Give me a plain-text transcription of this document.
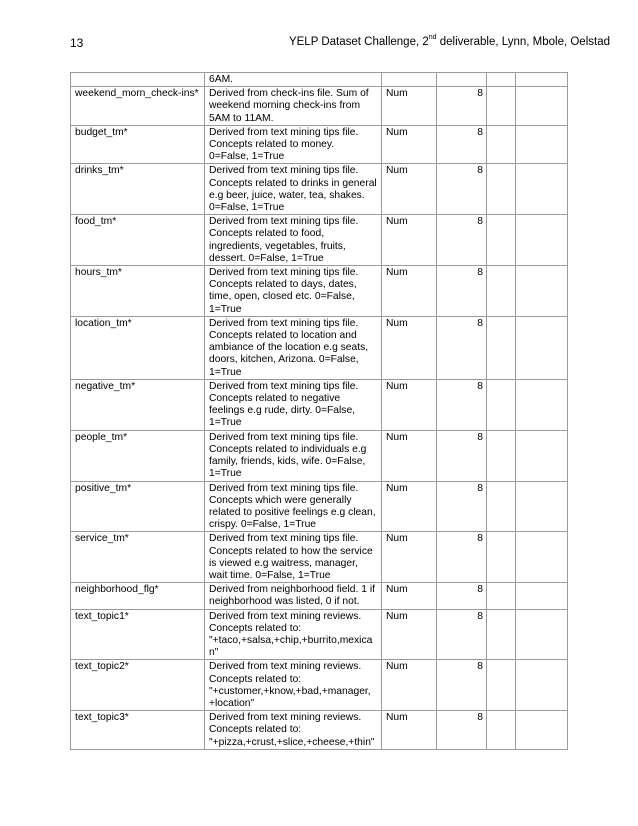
13	YELP Dataset Challenge, 2nd deliverable, Lynn, Mbole, Oelstad

	6AM.				

weekend_morn_check-ins*	Derived from check-ins file. Sum of
weekend morning check-ins from
5AM to 11AM.	Num	8		
budget_tm*	Derived from text mining tips file.
Concepts related to money.
0=False, 1=True	Num	8		
drinks_tm*	Derived from text mining tips file.
Concepts related to drinks in general
e.g beer, juice, water, tea, shakes.
0=False, 1=True	Num	8		
food_tm*	Derived from text mining tips file.
Concepts related to food,
ingredients, vegetables, fruits,
dessert. 0=False, 1=True	Num	8		
hours_tm*	Derived from text mining tips file.
Concepts related to days, dates,
time, open, closed etc. 0=False,
1=True	Num	8		
location_tm*	Derived from text mining tips file.
Concepts related to location and
ambiance of the location e.g seats,
doors, kitchen, Arizona. 0=False,
1=True	Num	8		
negative_tm*	Derived from text mining tips file.
Concepts related to negative
feelings e.g rude, dirty. 0=False,
1=True	Num	8		
people_tm*	Derived from text mining tips file.
Concepts related to individuals e.g
family, friends, kids, wife. 0=False,
1=True	Num	8		
positive_tm*	Derived from text mining tips file.
Concepts which were generally
related to positive feelings e.g clean,
crispy. 0=False, 1=True	Num	8		
service_tm*	Derived from text mining tips file.
Concepts related to how the service
is viewed e.g waitress, manager,
wait time. 0=False, 1=True	Num	8		
neighborhood_flg*	Derived from neighborhood field. 1 if
neighborhood was listed, 0 if not.	Num	8		
text_topic1*	Derived from text mining reviews.
Concepts related to:
"+taco,+salsa,+chip,+burrito,mexica
n"	Num	8		
text_topic2*	Derived from text mining reviews.
Concepts related to:
"+customer,+know,+bad,+manager,
+location"	Num	8		
text_topic3*	Derived from text mining reviews.
Concepts related to:
"+pizza,+crust,+slice,+cheese,+thin"	Num	8		
